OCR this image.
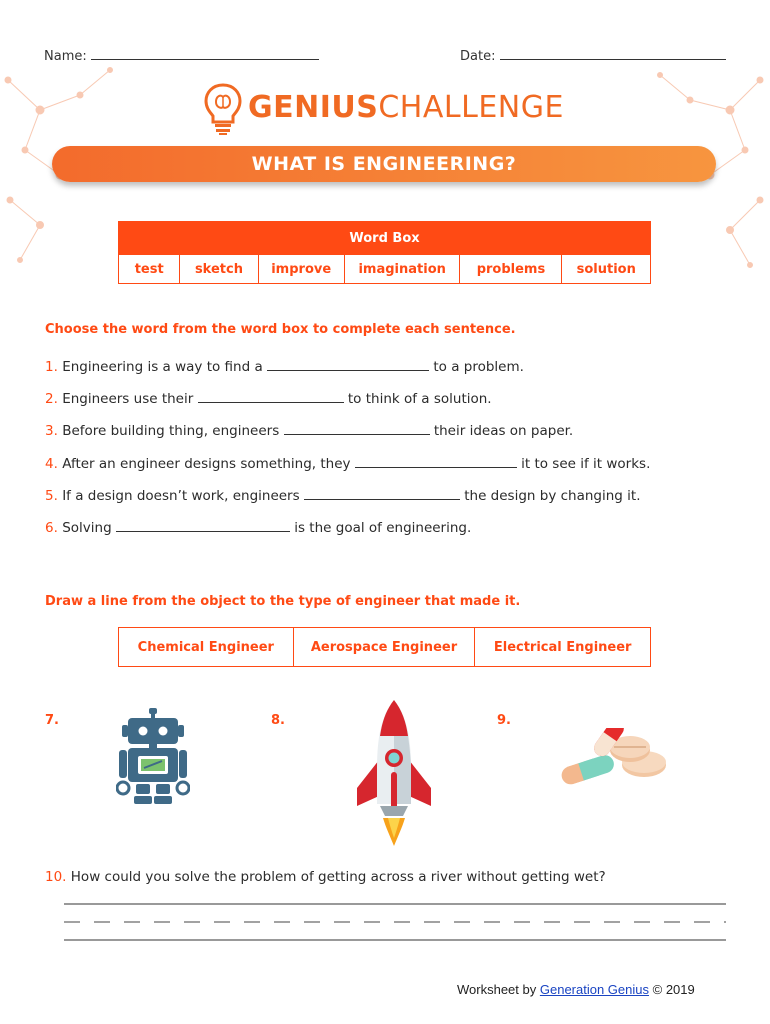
Name:	Date:
GENIUSCHALLENGE
WHAT IS ENGINEERING?
Word Box
test	sketch	improve	imagination	problems	solution
Choose the word from the word box to complete each sentence.
1. Engineering is a way to find a	to a problem.
2. Engineers use their	to think of a solution.
3. Before building thing, engineers	their ideas on paper.
4. After an engineer designs something, they	it to see if it works.
5. If a design doesn’t work, engineers	the design by changing it.
6. Solving	is the goal of engineering.
Draw a line from the object to the type of engineer that made it.
Chemical Engineer	Aerospace Engineer	Electrical Engineer
7.	8.	9.
10. How could you solve the problem of getting across a river without getting wet?
Worksheet by Generation Genius © 2019
